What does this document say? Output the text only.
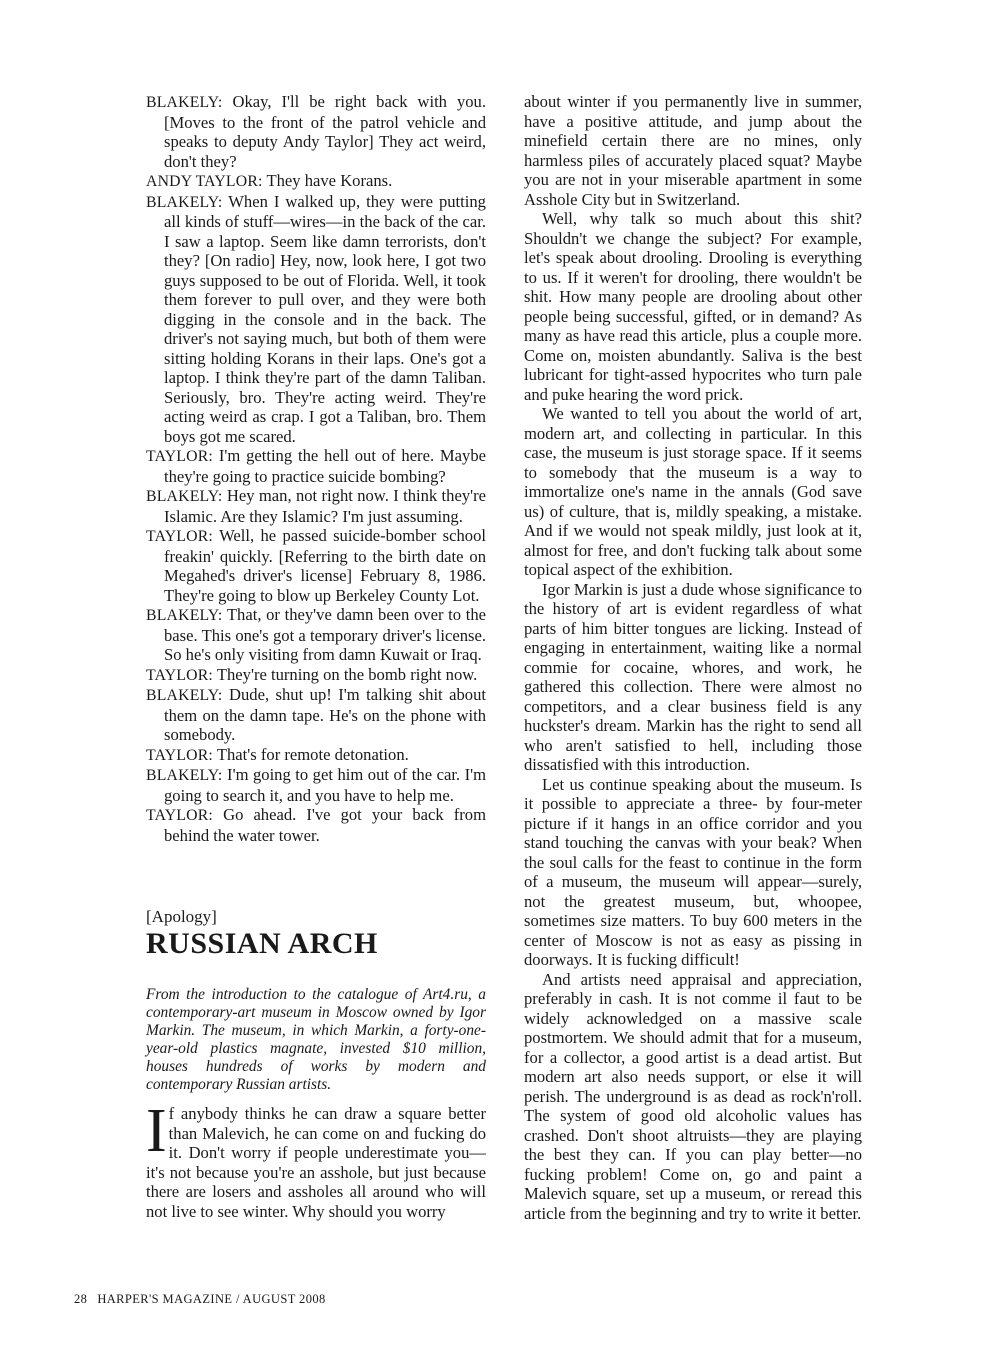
BLAKELY: Okay, I'll be right back with you. [Moves to the front of the patrol vehicle and speaks to deputy Andy Taylor] They act weird, don't they?

ANDY TAYLOR: They have Korans.

BLAKELY: When I walked up, they were putting all kinds of stuff—wires—in the back of the car. I saw a laptop. Seem like damn terrorists, don't they? [On radio] Hey, now, look here, I got two guys supposed to be out of Florida. Well, it took them forever to pull over, and they were both digging in the console and in the back. The driver's not saying much, but both of them were sitting holding Korans in their laps. One's got a laptop. I think they're part of the damn Taliban. Seriously, bro. They're acting weird. They're acting weird as crap. I got a Taliban, bro. Them boys got me scared.

TAYLOR: I'm getting the hell out of here. Maybe they're going to practice suicide bombing?

BLAKELY: Hey man, not right now. I think they're Islamic. Are they Islamic? I'm just assuming.

TAYLOR: Well, he passed suicide-bomber school freakin' quickly. [Referring to the birth date on Megahed's driver's license] February 8, 1986. They're going to blow up Berkeley County Lot.

BLAKELY: That, or they've damn been over to the base. This one's got a temporary driver's license. So he's only visiting from damn Kuwait or Iraq.

TAYLOR: They're turning on the bomb right now.

BLAKELY: Dude, shut up! I'm talking shit about them on the damn tape. He's on the phone with somebody.

TAYLOR: That's for remote detonation.

BLAKELY: I'm going to get him out of the car. I'm going to search it, and you have to help me.

TAYLOR: Go ahead. I've got your back from behind the water tower.

[Apology]

RUSSIAN ARCH

From the introduction to the catalogue of Art4.ru, a contemporary-art museum in Moscow owned by Igor Markin. The museum, in which Markin, a forty-one-year-old plastics magnate, invested $10 million, houses hundreds of works by modern and contemporary Russian artists.

If anybody thinks he can draw a square better than Malevich, he can come on and fucking do it. Don't worry if people underestimate you—it's not because you're an asshole, but just because there are losers and assholes all around who will not live to see winter. Why should you worry

about winter if you permanently live in summer, have a positive attitude, and jump about the minefield certain there are no mines, only harmless piles of accurately placed squat? Maybe you are not in your miserable apartment in some Asshole City but in Switzerland.

Well, why talk so much about this shit? Shouldn't we change the subject? For example, let's speak about drooling. Drooling is everything to us. If it weren't for drooling, there wouldn't be shit. How many people are drooling about other people being successful, gifted, or in demand? As many as have read this article, plus a couple more. Come on, moisten abundantly. Saliva is the best lubricant for tight-assed hypocrites who turn pale and puke hearing the word prick.

We wanted to tell you about the world of art, modern art, and collecting in particular. In this case, the museum is just storage space. If it seems to somebody that the museum is a way to immortalize one's name in the annals (God save us) of culture, that is, mildly speaking, a mistake. And if we would not speak mildly, just look at it, almost for free, and don't fucking talk about some topical aspect of the exhibition.

Igor Markin is just a dude whose significance to the history of art is evident regardless of what parts of him bitter tongues are licking. Instead of engaging in entertainment, waiting like a normal commie for cocaine, whores, and work, he gathered this collection. There were almost no competitors, and a clear business field is any huckster's dream. Markin has the right to send all who aren't satisfied to hell, including those dissatisfied with this introduction.

Let us continue speaking about the museum. Is it possible to appreciate a three- by four-meter picture if it hangs in an office corridor and you stand touching the canvas with your beak? When the soul calls for the feast to continue in the form of a museum, the museum will appear—surely, not the greatest museum, but, whoopee, sometimes size matters. To buy 600 meters in the center of Moscow is not as easy as pissing in doorways. It is fucking difficult!

And artists need appraisal and appreciation, preferably in cash. It is not comme il faut to be widely acknowledged on a massive scale postmortem. We should admit that for a museum, for a collector, a good artist is a dead artist. But modern art also needs support, or else it will perish. The underground is as dead as rock'n'roll. The system of good old alcoholic values has crashed. Don't shoot altruists—they are playing the best they can. If you can play better—no fucking problem! Come on, go and paint a Malevich square, set up a museum, or reread this article from the beginning and try to write it better.

28 HARPER'S MAGAZINE / AUGUST 2008
